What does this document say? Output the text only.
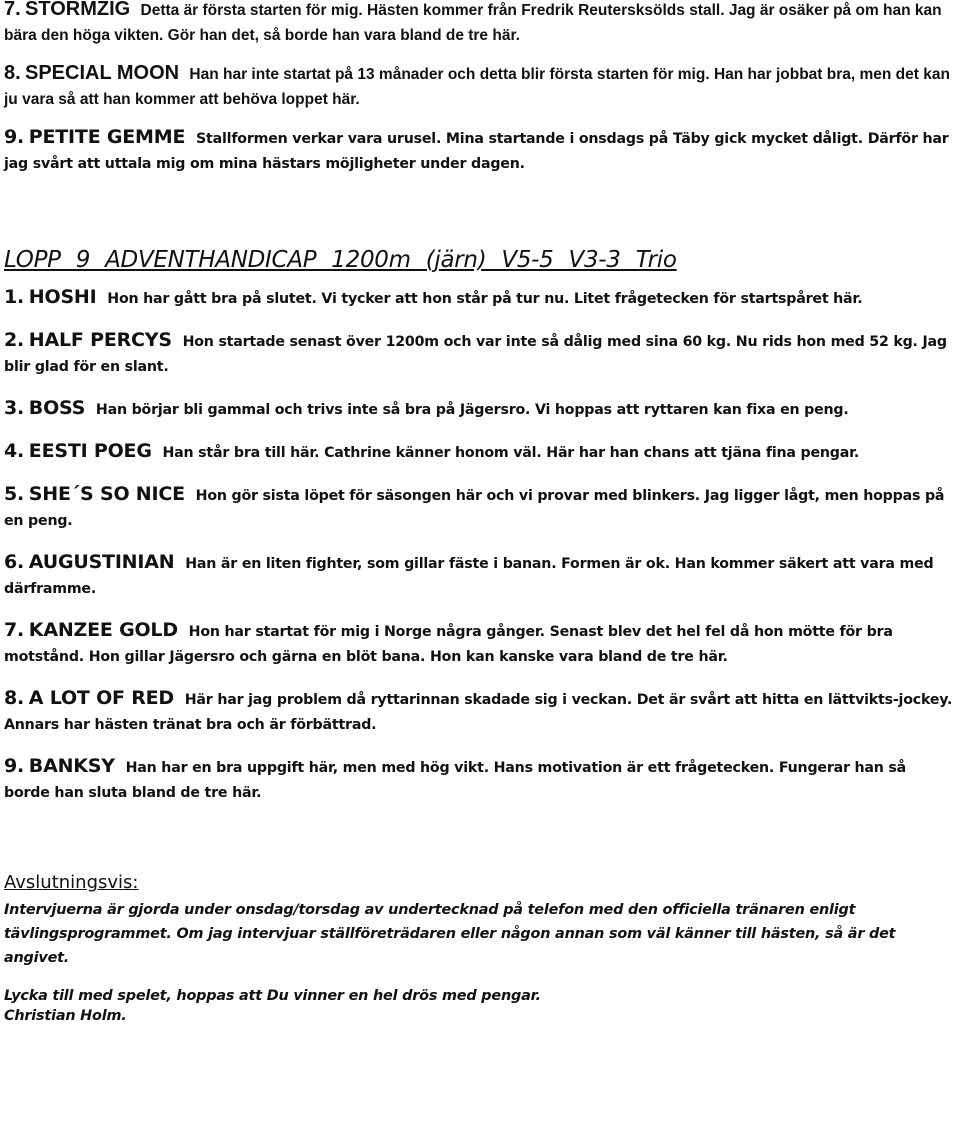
7. STORMZIG Detta är första starten för mig. Hästen kommer från Fredrik Reutersksölds stall. Jag är osäker på om han kan bära den höga vikten. Gör han det, så borde han vara bland de tre här.

8. SPECIAL MOON Han har inte startat på 13 månader och detta blir första starten för mig. Han har jobbat bra, men det kan ju vara så att han kommer att behöva loppet här.

9. PETITE GEMME Stallformen verkar vara urusel. Mina startande i onsdags på Täby gick mycket dåligt. Därför har jag svårt att uttala mig om mina hästars möjligheter under dagen.

LOPP 9 ADVENTHANDICAP 1200m (järn) V5-5 V3-3 Trio

1. HOSHI Hon har gått bra på slutet. Vi tycker att hon står på tur nu. Litet frågetecken för startspåret här.

2. HALF PERCYS Hon startade senast över 1200m och var inte så dålig med sina 60 kg. Nu rids hon med 52 kg. Jag blir glad för en slant.

3. BOSS Han börjar bli gammal och trivs inte så bra på Jägersro. Vi hoppas att ryttaren kan fixa en peng.

4. EESTI POEG Han står bra till här. Cathrine känner honom väl. Här har han chans att tjäna fina pengar.

5. SHE´S SO NICE Hon gör sista löpet för säsongen här och vi provar med blinkers. Jag ligger lågt, men hoppas på en peng.

6. AUGUSTINIAN Han är en liten fighter, som gillar fäste i banan. Formen är ok. Han kommer säkert att vara med därframme.

7. KANZEE GOLD Hon har startat för mig i Norge några gånger. Senast blev det hel fel då hon mötte för bra motstånd. Hon gillar Jägersro och gärna en blöt bana. Hon kan kanske vara bland de tre här.

8. A LOT OF RED Här har jag problem då ryttarinnan skadade sig i veckan. Det är svårt att hitta en lättvikts-jockey. Annars har hästen tränat bra och är förbättrad.

9. BANKSY Han har en bra uppgift här, men med hög vikt. Hans motivation är ett frågetecken. Fungerar han så borde han sluta bland de tre här.

Avslutningsvis:

Intervjuerna är gjorda under onsdag/torsdag av undertecknad på telefon med den officiella tränaren enligt tävlingsprogrammet. Om jag intervjuar ställföreträdaren eller någon annan som väl känner till hästen, så är det angivet.

Lycka till med spelet, hoppas att Du vinner en hel drös med pengar.

Christian Holm.
